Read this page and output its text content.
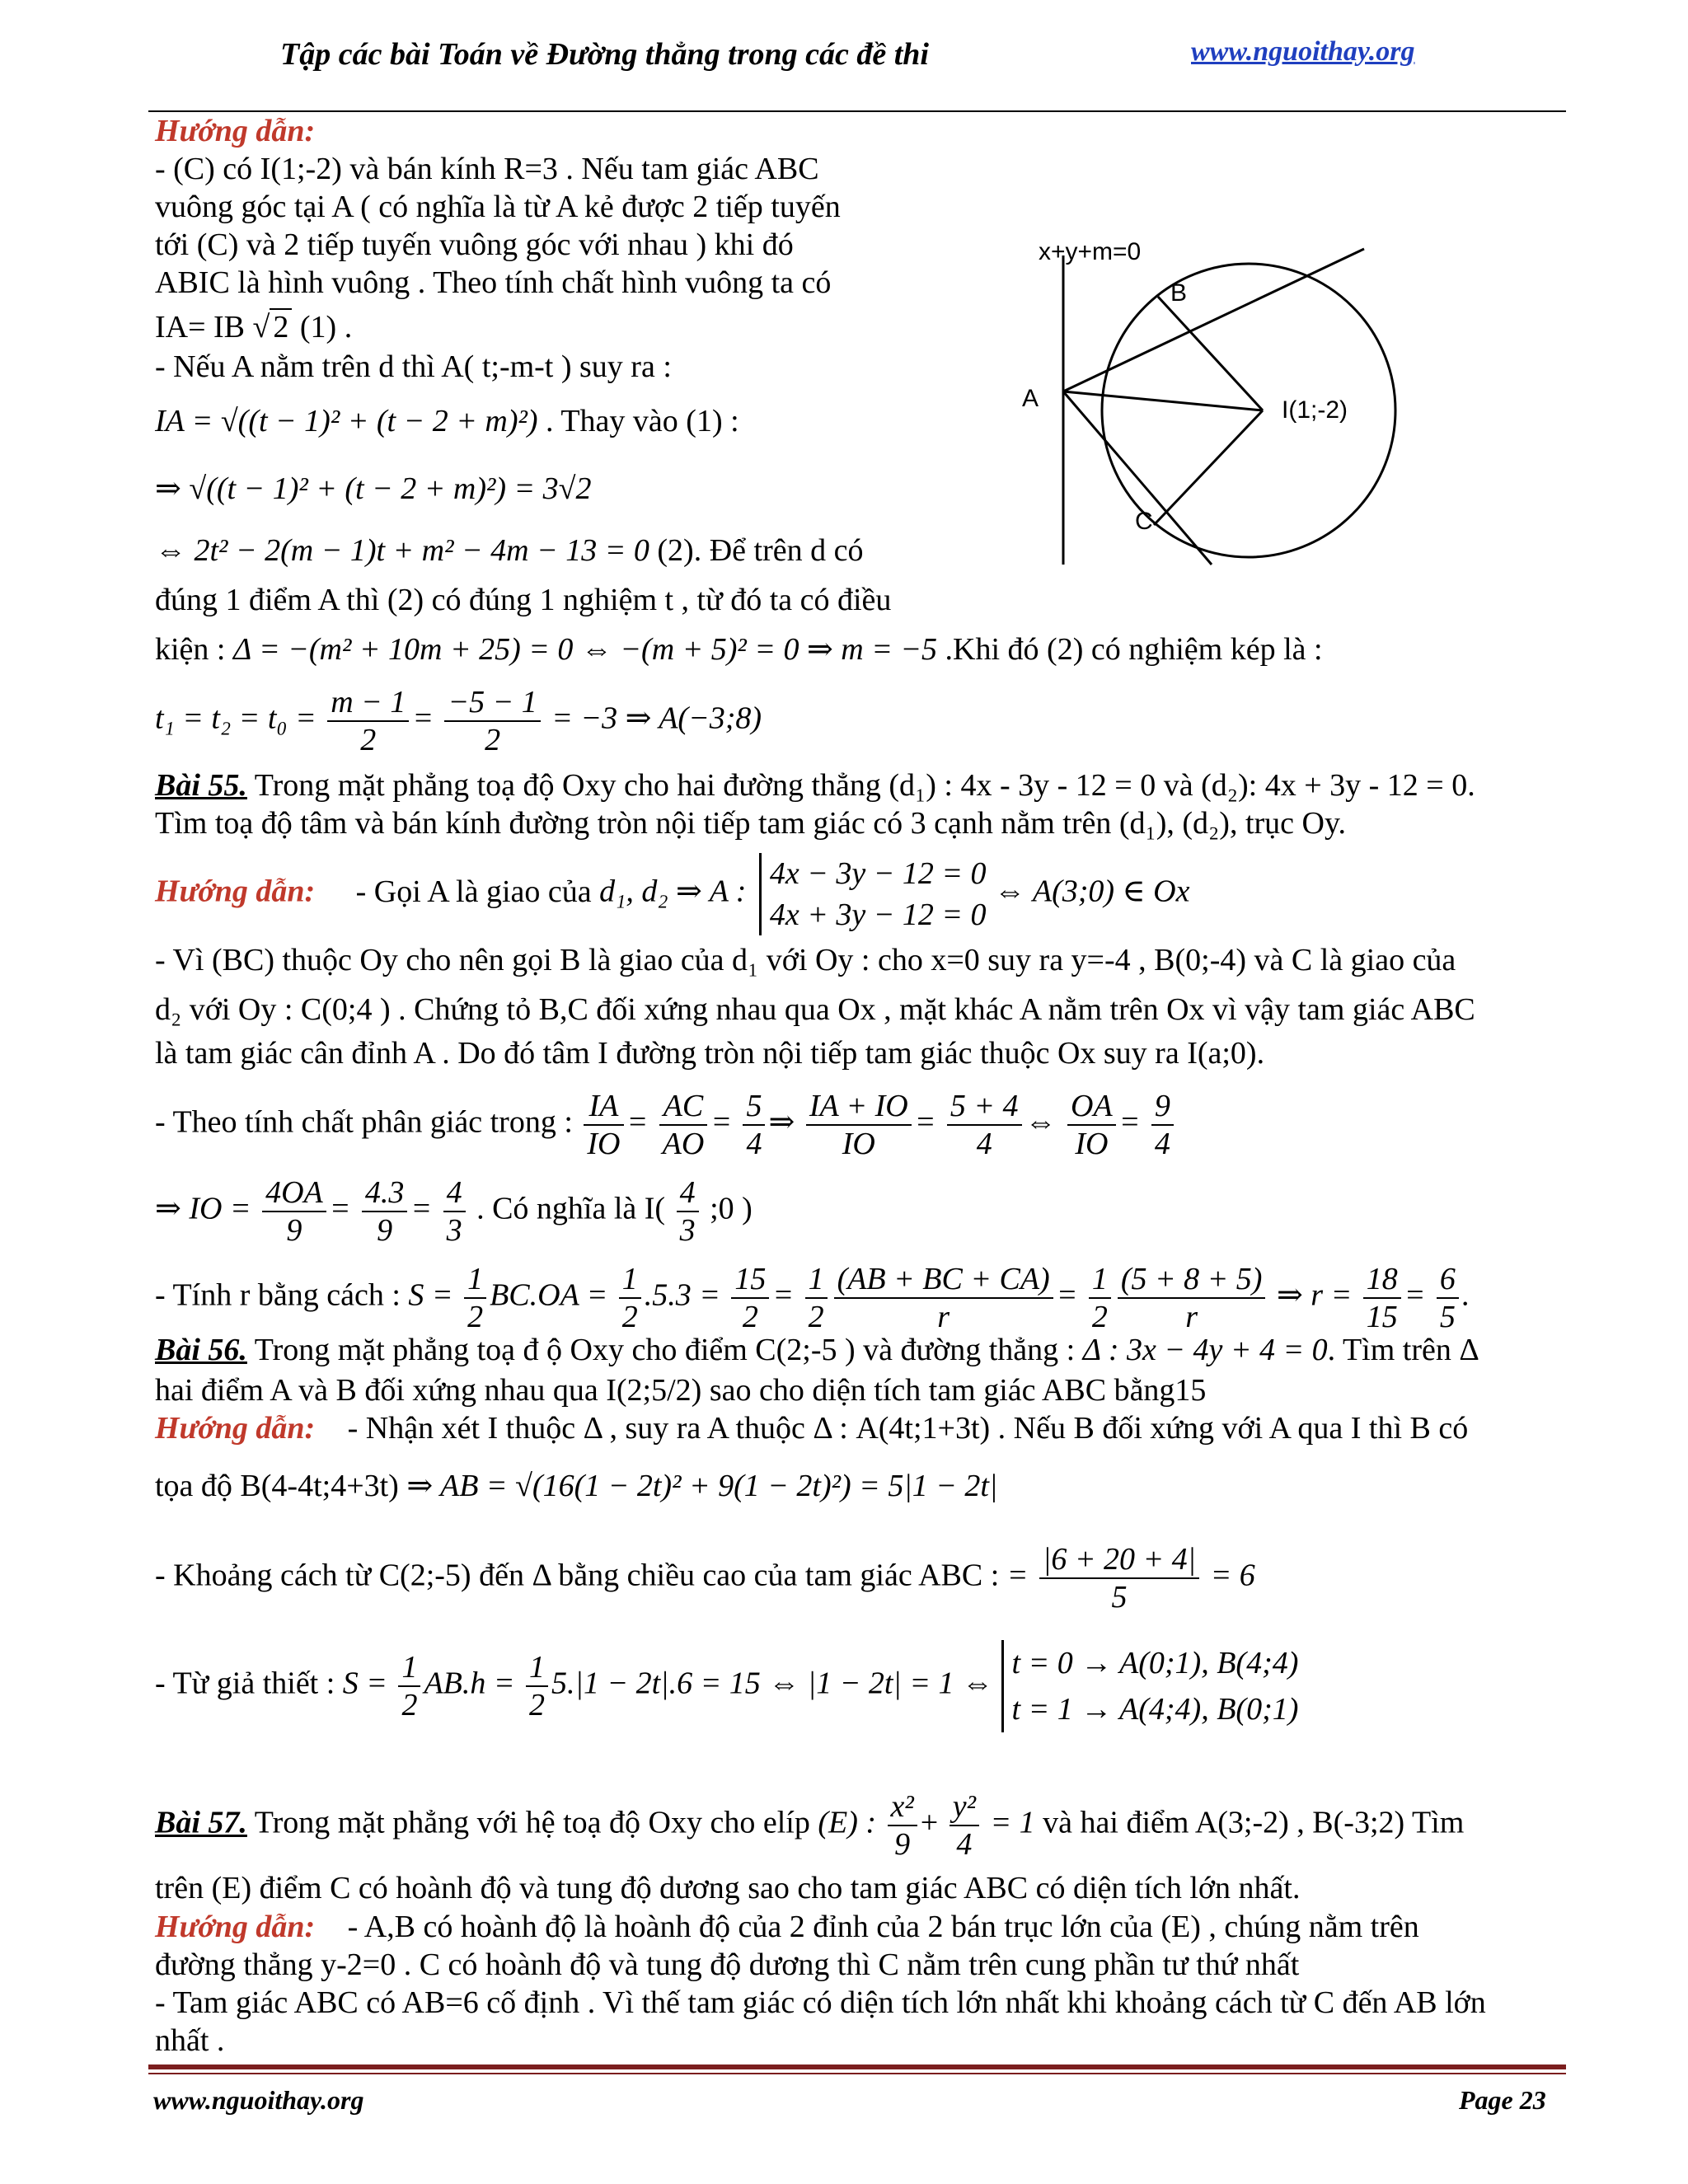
Tập các bài Toán về Đường thẳng trong các đề thi	www.nguoithay.org
Hướng dẫn:
- (C) có I(1;-2) và bán kính R=3 . Nếu tam giác ABC
vuông góc tại A ( có nghĩa là từ A kẻ được 2 tiếp tuyến
tới (C) và 2 tiếp tuyến vuông góc với nhau ) khi đó
ABIC là hình vuông . Theo tính chất hình vuông ta có
IA= IB √ 2 (1) .
- Nếu A nằm trên d thì A( t;-m-t ) suy ra :
IA = √((t − 1)² + (t − 2 + m)²) . Thay vào (1) :
⇒ √((t − 1)² + (t − 2 + m)²) = 3√2
⇔ 2t² − 2(m − 1)t + m² − 4m − 13 = 0 (2). Để trên d có
đúng 1 điểm A thì (2) có đúng 1 nghiệm t , từ đó ta có điều
kiện : Δ = −(m² + 10m + 25) = 0 ⇔ −(m + 5)² = 0 ⇒ m = −5 .Khi đó (2) có nghiệm kép là :
$t_1 = t_2 = t_0 = \frac{m - 1}{2} = \frac{-5 - 1}{2} = -3$ ⇒ A(−3;8)
x+y+m=0
B
A	I(1;-2)
C
Bài 55. Trong mặt phẳng toạ độ Oxy cho hai đường thẳng (d₁) : 4x - 3y - 12 = 0 và (d₂): 4x + 3y - 12 = 0.
Tìm toạ độ tâm và bán kính đường tròn nội tiếp tam giác có 3 cạnh nằm trên (d₁), (d₂), trục Oy.
Hướng dẫn: - Gọi A là giao của d₁, d₂ ⇒ A :
4x − 3y − 12 = 0
4x + 3y − 12 = 0
⇔ A(3;0) ∈ Ox
- Vì (BC) thuộc Oy cho nên gọi B là giao của d₁ với Oy : cho x=0 suy ra y=-4 , B(0;-4) và C là giao của
d₂ với Oy : C(0;4 ) . Chứng tỏ B,C đối xứng nhau qua Ox , mặt khác A nằm trên Ox vì vậy tam giác ABC
là tam giác cân đỉnh A . Do đó tâm I đường tròn nội tiếp tam giác thuộc Ox suy ra I(a;0).
- Theo tính chất phân giác trong : $\frac{IA}{IO} = \frac{AC}{AO} = \frac{5}{4}$ ⇒ $\frac{IA + IO}{IO} = \frac{5 + 4}{4}$ ⇔ $\frac{OA}{IO} = \frac{9}{4}$
⇒ IO = $\frac{4OA}{9} = \frac{4.3}{9} = \frac{4}{3}$ . Có nghĩa là $I( \frac{4}{3}$ ;0 )
- Tính r bằng cách : $S = \frac{1}{2} BC.OA = \frac{1}{2} .5.3 = \frac{15}{2} = \frac{1}{2} \frac{(AB + BC + CA)}{r} = \frac{1}{2} \frac{(5 + 8 + 5)}{r}$ ⇒ $r = \frac{18}{15} = \frac{6}{5}$ .
Bài 56. Trong mặt phẳng toạ đ ộ Oxy cho điểm C(2;-5 ) và đường thẳng : Δ : 3x − 4y + 4 = 0. Tìm trên Δ
hai điểm A và B đối xứng nhau qua I(2;5/2) sao cho diện tích tam giác ABC bằng15
Hướng dẫn: - Nhận xét I thuộc Δ , suy ra A thuộc Δ : A(4t;1+3t) . Nếu B đối xứng với A qua I thì B có
tọa độ B(4-4t;4+3t) ⇒ AB = √(16(1 − 2t)² + 9(1 − 2t)²) = 5|1 − 2t|
- Khoảng cách từ C(2;-5) đến Δ bằng chiều cao của tam giác ABC : = $\frac{|6 + 20 + 4|}{5} = 6$
- Từ giả thiết : $S = \frac{1}{2} AB.h = \frac{1}{2} 5.|1 - 2t|.6 = 15$ ⇔ |1 − 2t| = 1 ⇔
t = 0 → A(0;1), B(4;4)
t = 1 → A(4;4), B(0;1)
Bài 57. Trong mặt phẳng với hệ toạ độ Oxy cho elíp (E) : $\frac{\text{x²}}{9} + \frac{\text{y²}}{4} = 1$ và hai điểm A(3;-2) , B(-3;2) Tìm
trên (E) điểm C có hoành độ và tung độ dương sao cho tam giác ABC có diện tích lớn nhất.
Hướng dẫn: - A,B có hoành độ là hoành độ của 2 đỉnh của 2 bán trục lớn của (E) , chúng nằm trên
đường thẳng y-2=0 . C có hoành độ và tung độ dương thì C nằm trên cung phần tư thứ nhất
- Tam giác ABC có AB=6 cố định . Vì thế tam giác có diện tích lớn nhất khi khoảng cách từ C đến AB lớn
nhất .
www.nguoithay.org	Page 23
